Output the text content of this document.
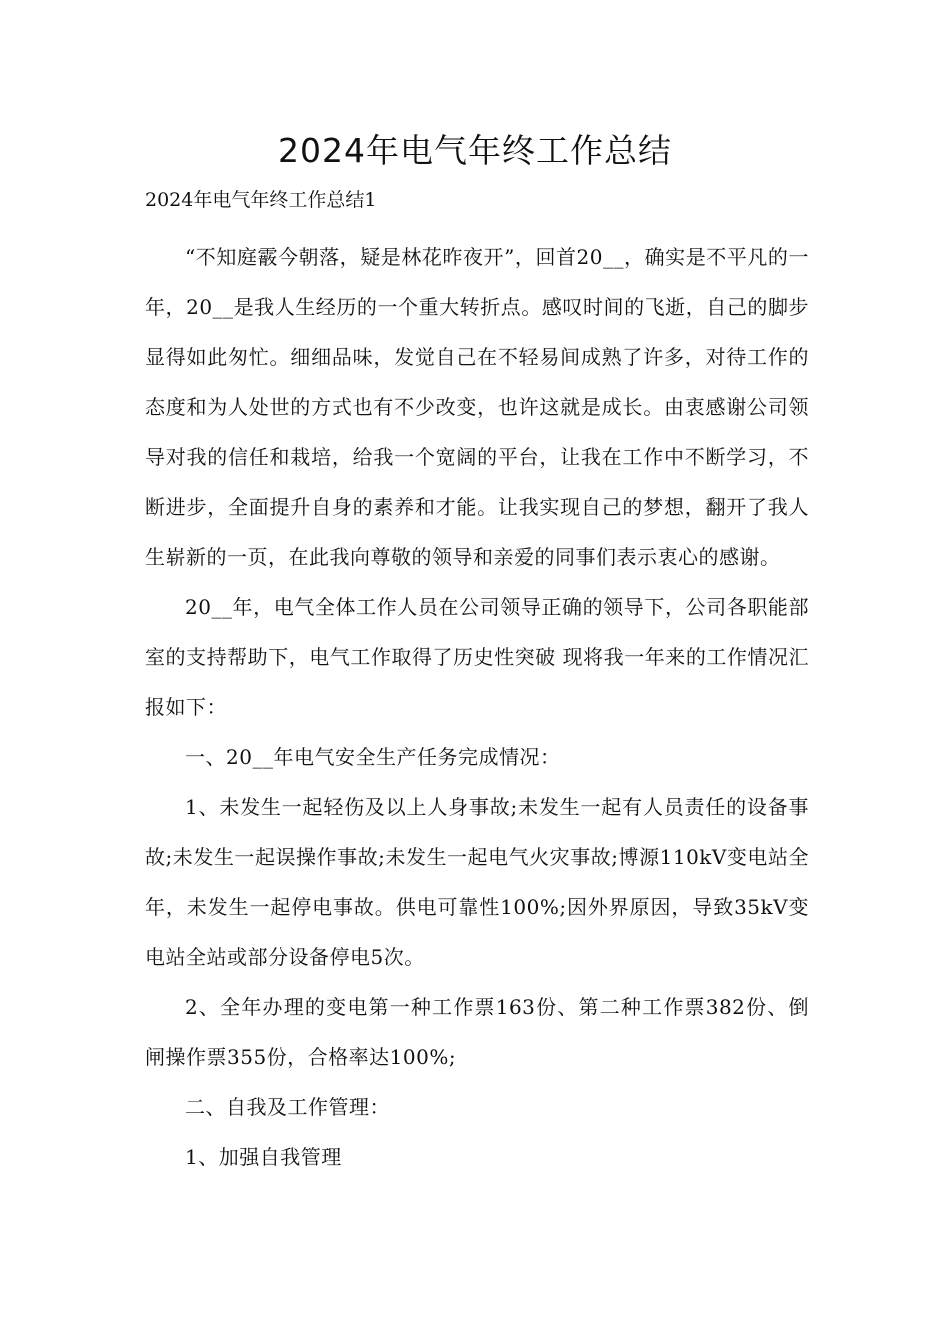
2024年电气年终工作总结
2024年电气年终工作总结1

“不知庭霰今朝落，疑是林花昨夜开”，回首20__，确实是不平凡的一年，20__是我人生经历的一个重大转折点。感叹时间的飞逝，自己的脚步显得如此匆忙。细细品味，发觉自己在不轻易间成熟了许多，对待工作的态度和为人处世的方式也有不少改变，也许这就是成长。由衷感谢公司领导对我的信任和栽培，给我一个宽阔的平台，让我在工作中不断学习，不断进步，全面提升自身的素养和才能。让我实现自己的梦想，翻开了我人生崭新的一页，在此我向尊敬的领导和亲爱的同事们表示衷心的感谢。

20__年，电气全体工作人员在公司领导正确的领导下，公司各职能部室的支持帮助下，电气工作取得了历史性突破 现将我一年来的工作情况汇报如下：

一、20__年电气安全生产任务完成情况：

1、未发生一起轻伤及以上人身事故;未发生一起有人员责任的设备事故;未发生一起误操作事故;未发生一起电气火灾事故;博源110kV变电站全年，未发生一起停电事故。供电可靠性100%;因外界原因，导致35kV变电站全站或部分设备停电5次。

2、全年办理的变电第一种工作票163份、第二种工作票382份、倒闸操作票355份，合格率达100%;

二、自我及工作管理：

1、加强自我管理
